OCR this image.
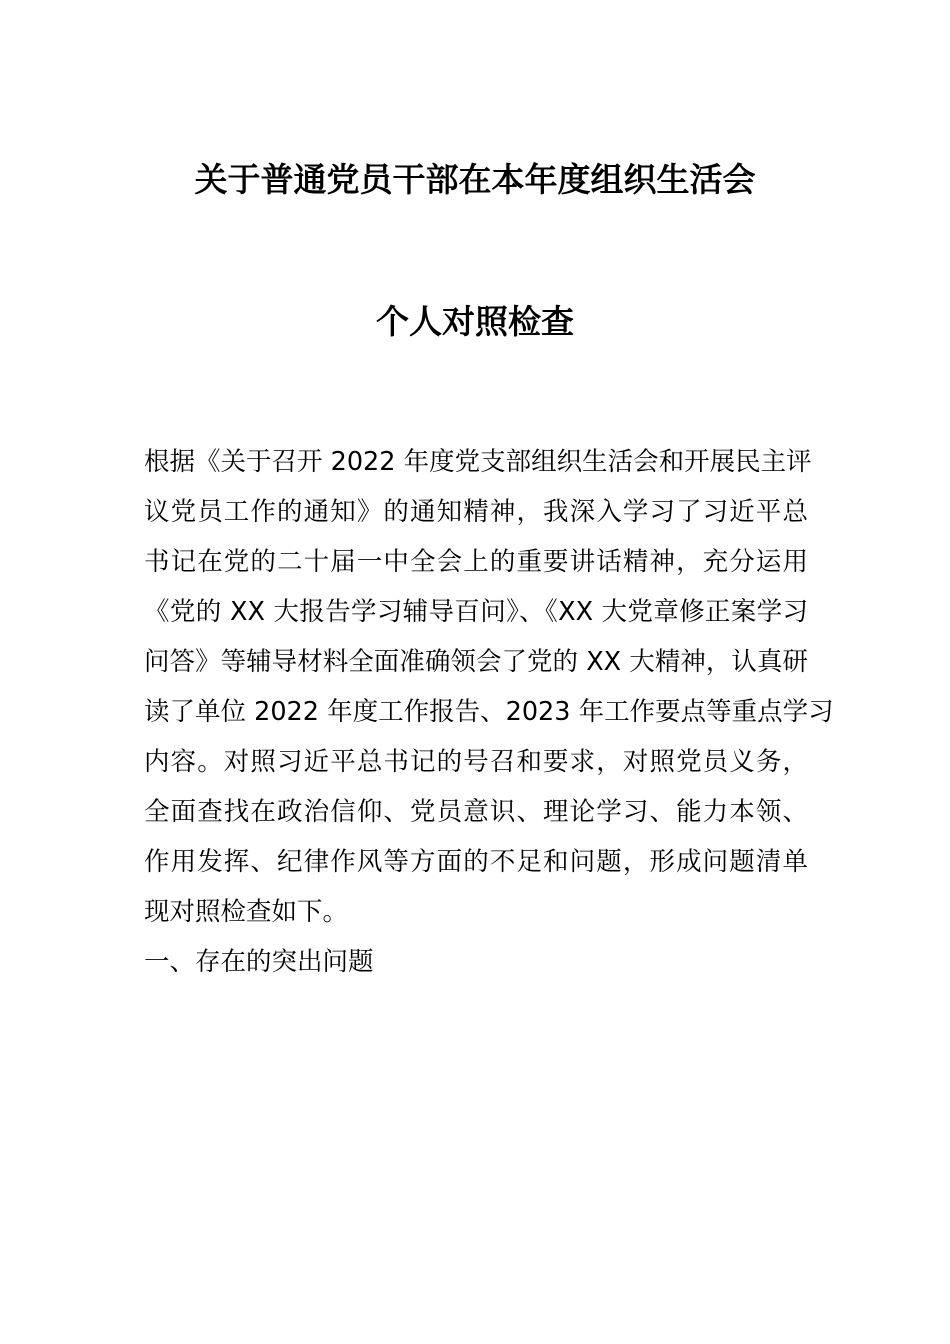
关于普通党员干部在本年度组织生活会
个人对照检查
根据《关于召开 2022 年度党支部组织生活会和开展民主评
议党员工作的通知》的通知精神，我深入学习了习近平总
书记在党的二十届一中全会上的重要讲话精神，充分运用
《党的 XX 大报告学习辅导百问》、《XX 大党章修正案学习
问答》等辅导材料全面准确领会了党的 XX 大精神，认真研
读了单位 2022 年度工作报告、2023 年工作要点等重点学习
内容。对照习近平总书记的号召和要求，对照党员义务，
全面查找在政治信仰、党员意识、理论学习、能力本领、
作用发挥、纪律作风等方面的不足和问题，形成问题清单
现对照检查如下。
一、存在的突出问题
